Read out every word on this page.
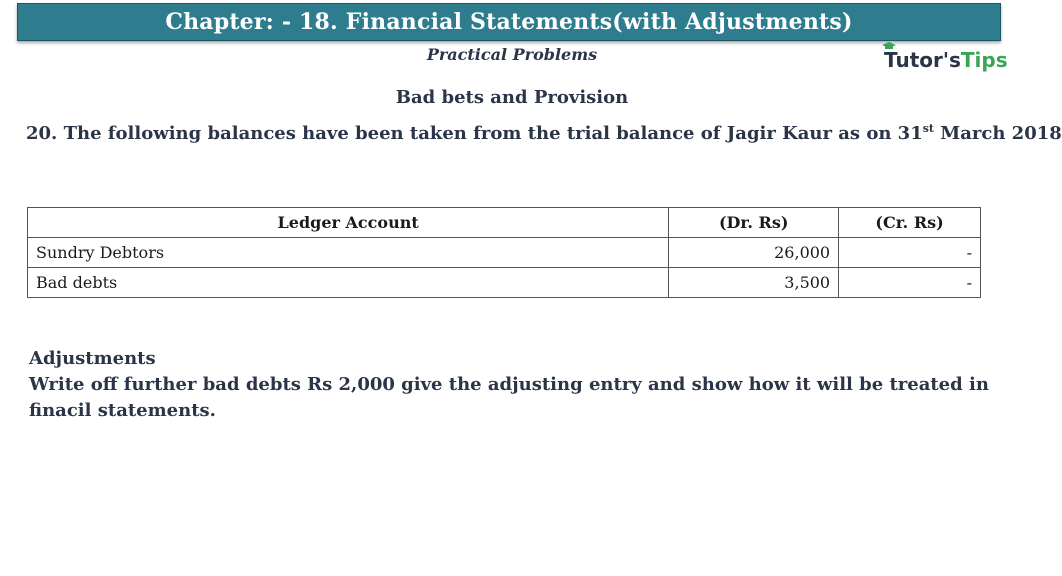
Chapter: - 18. Financial Statements(with Adjustments)
Practical Problems	Tutor'sTips
Bad bets and Provision
20. The following balances have been taken from the trial balance of Jagir Kaur as on 31st March 2018
Ledger Account	(Dr. Rs)	(Cr. Rs)
Sundry Debtors	26,000	-
Bad debts	3,500	-
Adjustments
Write off further bad debts Rs 2,000 give the adjusting entry and show how it will be treated in finacil statements.
